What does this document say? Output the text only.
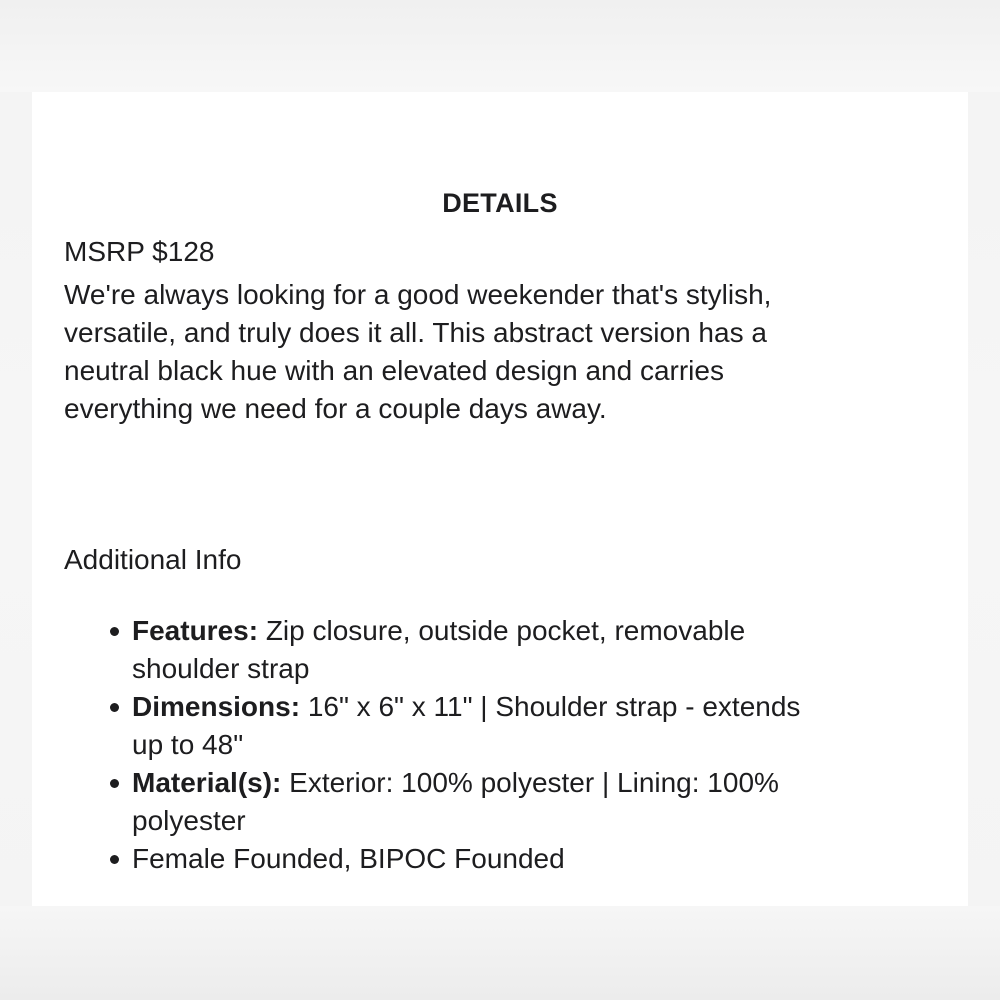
DETAILS
MSRP $128

We're always looking for a good weekender that's stylish,
versatile, and truly does it all. This abstract version has a
neutral black hue with an elevated design and carries
everything we need for a couple days away.

Additional Info
Features: Zip closure, outside pocket, removable
shoulder strap
Dimensions: 16" x 6" x 11" | Shoulder strap - extends
up to 48"
Material(s): Exterior: 100% polyester | Lining: 100%
polyester
Female Founded, BIPOC Founded
